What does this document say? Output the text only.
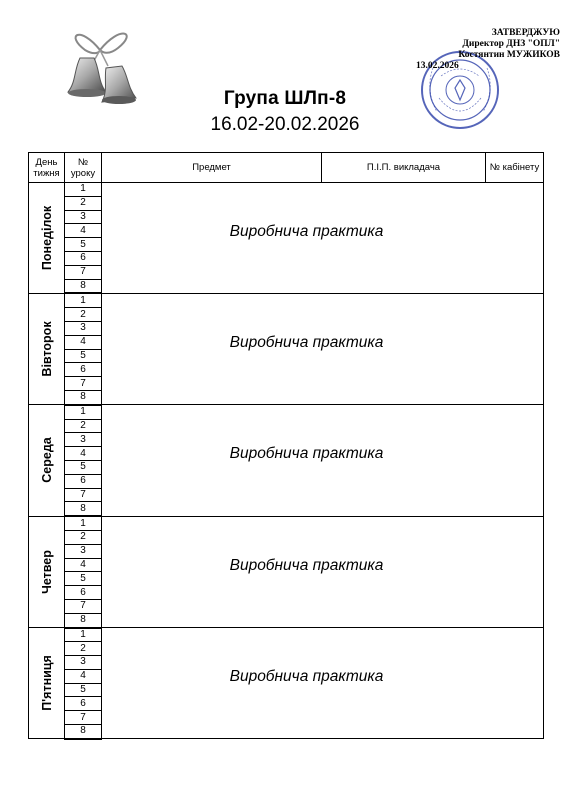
ЗАТВЕРДЖУЮ
Директор ДНЗ "ОПЛ"
Костянтин МУЖИКОВ
13.02.2026
Група ШЛп-8
16.02-20.02.2026
День тижня	№ уроку	Предмет	П.І.П. викладача	№ кабінету

Понеділок	1	Виробнича практика		
	2			
	3			
	4			
	5			
	6			
	7			
	8			

Вівторок	1	Виробнича практика		
	2			
	3			
	4			
	5			
	6			
	7			
	8			

Середа	1	Виробнича практика		
	2			
	3			
	4			
	5			
	6			
	7			
	8			

Четвер	1	Виробнича практика		
	2			
	3			
	4			
	5			
	6			
	7			
	8			

П'ятниця	1	Виробнича практика		
	2			
	3			
	4			
	5			
	6			
	7			
	8			
